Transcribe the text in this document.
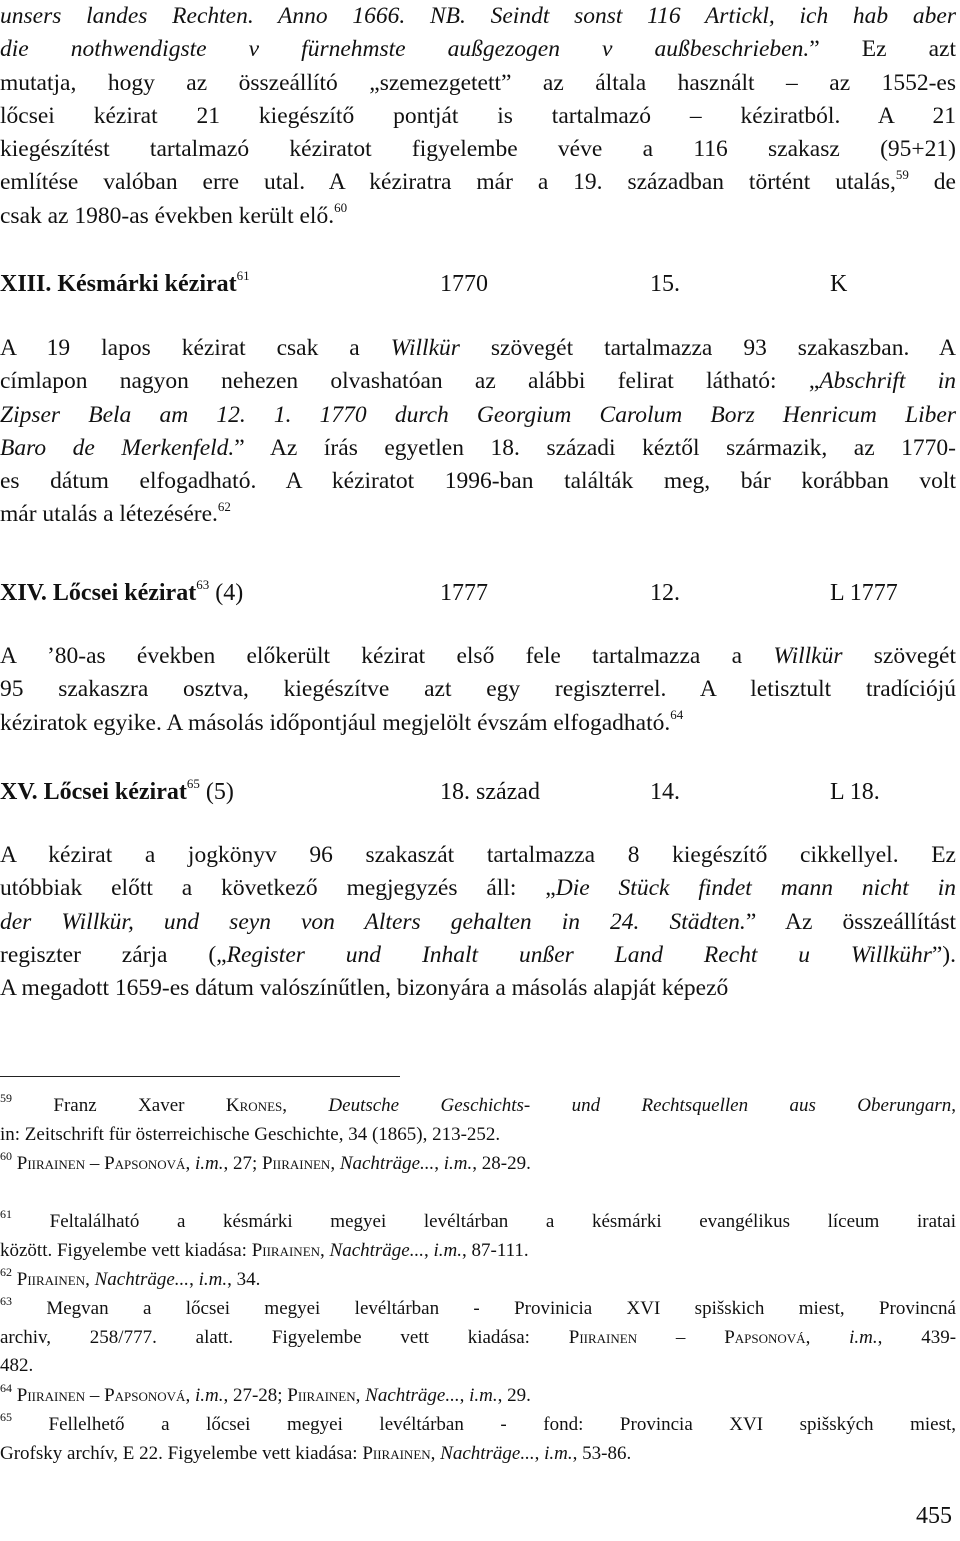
unsers landes Rechten. Anno 1666. NB. Seindt sonst 116 Artickl, ich hab aber
die nothwendigste v fürnehmste außgezogen v außbeschrieben.” Ez azt
mutatja, hogy az összeállító „szemezgetett” az általa használt – az 1552-es
lőcsei kézirat 21 kiegészítő pontját is tartalmazó – kéziratból. A 21
kiegészítést tartalmazó kéziratot figyelembe véve a 116 szakasz (95+21)
említése valóban erre utal. A kéziratra már a 19. században történt utalás,$^{59}$ de
csak az 1980-as években került elő.$^{60}$
XIII. Késmárki kézirat$^{61}$	1770	15.	K
A 19 lapos kézirat csak a Willkür szövegét tartalmazza 93 szakaszban. A
címlapon nagyon nehezen olvashatóan az alábbi felirat látható: „Abschrift in
Zipser Bela am 12. 1. 1770 durch Georgium Carolum Borz Henricum Liber
Baro de Merkenfeld.” Az írás egyetlen 18. századi kéztől származik, az 1770-
es dátum elfogadható. A kéziratot 1996-ban találták meg, bár korábban volt
már utalás a létezésére.$^{62}$
XIV. Lőcsei kézirat$^{63}$ (4)	1777	12.	L 1777
A ’80-as években előkerült kézirat első fele tartalmazza a Willkür szövegét
95 szakaszra osztva, kiegészítve azt egy regiszterrel. A letisztult tradíciójú
kéziratok egyike. A másolás időpontjául megjelölt évszám elfogadható.$^{64}$
XV. Lőcsei kézirat$^{65}$ (5)	18. század	14.	L 18.
A kézirat a jogkönyv 96 szakaszát tartalmazza 8 kiegészítő cikkellyel. Ez
utóbbiak előtt a következő megjegyzés áll: „Die Stück findet mann nicht in
der Willkür, und seyn von Alters gehalten in 24. Städten.” Az összeállítást
regiszter zárja („Register und Inhalt unßer Land Recht u Willkühr”).
A megadott 1659-es dátum valószínűtlen, bizonyára a másolás alapját képező
$^{59}$ Franz Xaver Krones, Deutsche Geschichts- und Rechtsquellen aus Oberungarn,
in: Zeitschrift für österreichische Geschichte, 34 (1865), 213-252.
$^{60}$ Piirainen – Papsonová, i.m., 27; Piirainen, Nachträge..., i.m., 28-29.
$^{61}$ Feltalálható a késmárki megyei levéltárban a késmárki evangélikus líceum iratai
között. Figyelembe vett kiadása: Piirainen, Nachträge..., i.m., 87-111.
$^{62}$ Piirainen, Nachträge..., i.m., 34.
$^{63}$ Megvan a lőcsei megyei levéltárban - Provinicia XVI spišskich miest, Provincná
archiv, 258/777. alatt. Figyelembe vett kiadása: Piirainen – Papsonová, i.m., 439-
482.
$^{64}$ Piirainen – Papsonová, i.m., 27-28; Piirainen, Nachträge..., i.m., 29.
$^{65}$ Fellelhető a lőcsei megyei levéltárban - fond: Provincia XVI spišských miest,
Grofsky archív, E 22. Figyelembe vett kiadása: Piirainen, Nachträge..., i.m., 53-86.
455
